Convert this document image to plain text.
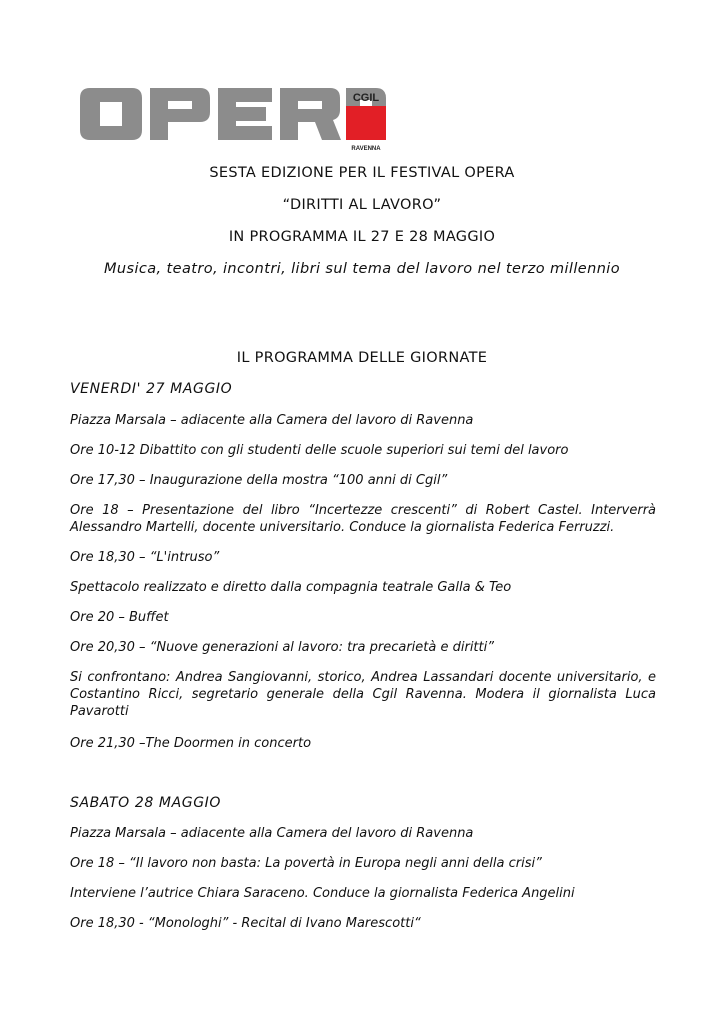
CGIL
RAVENNA
SESTA EDIZIONE PER IL FESTIVAL OPERA
“DIRITTI AL LAVORO”
IN PROGRAMMA IL 27 E 28 MAGGIO
Musica, teatro, incontri, libri sul tema del lavoro nel terzo millennio
IL PROGRAMMA DELLE GIORNATE
VENERDI' 27 MAGGIO
Piazza Marsala – adiacente alla Camera del lavoro di Ravenna
Ore 10-12 Dibattito con gli studenti delle scuole superiori sui temi del lavoro
Ore 17,30 – Inaugurazione della mostra “100 anni di Cgil”
Ore 18 – Presentazione del libro “Incertezze crescenti” di Robert Castel. Interverrà Alessandro Martelli, docente universitario. Conduce la giornalista Federica Ferruzzi.
Ore 18,30 – “L'intruso”
Spettacolo realizzato e diretto dalla compagnia teatrale Galla & Teo
Ore 20 – Buffet
Ore 20,30 – “Nuove generazioni al lavoro: tra precarietà e diritti”
Si confrontano: Andrea Sangiovanni, storico, Andrea Lassandari docente universitario, e Costantino Ricci, segretario generale della Cgil Ravenna. Modera il giornalista Luca Pavarotti
Ore 21,30 –The Doormen in concerto
SABATO 28 MAGGIO
Piazza Marsala – adiacente alla Camera del lavoro di Ravenna
Ore 18 – “Il lavoro non basta: La povertà in Europa negli anni della crisi”
Interviene l’autrice Chiara Saraceno. Conduce la giornalista Federica Angelini
Ore 18,30 - “Monologhi” - Recital di Ivano Marescotti“
